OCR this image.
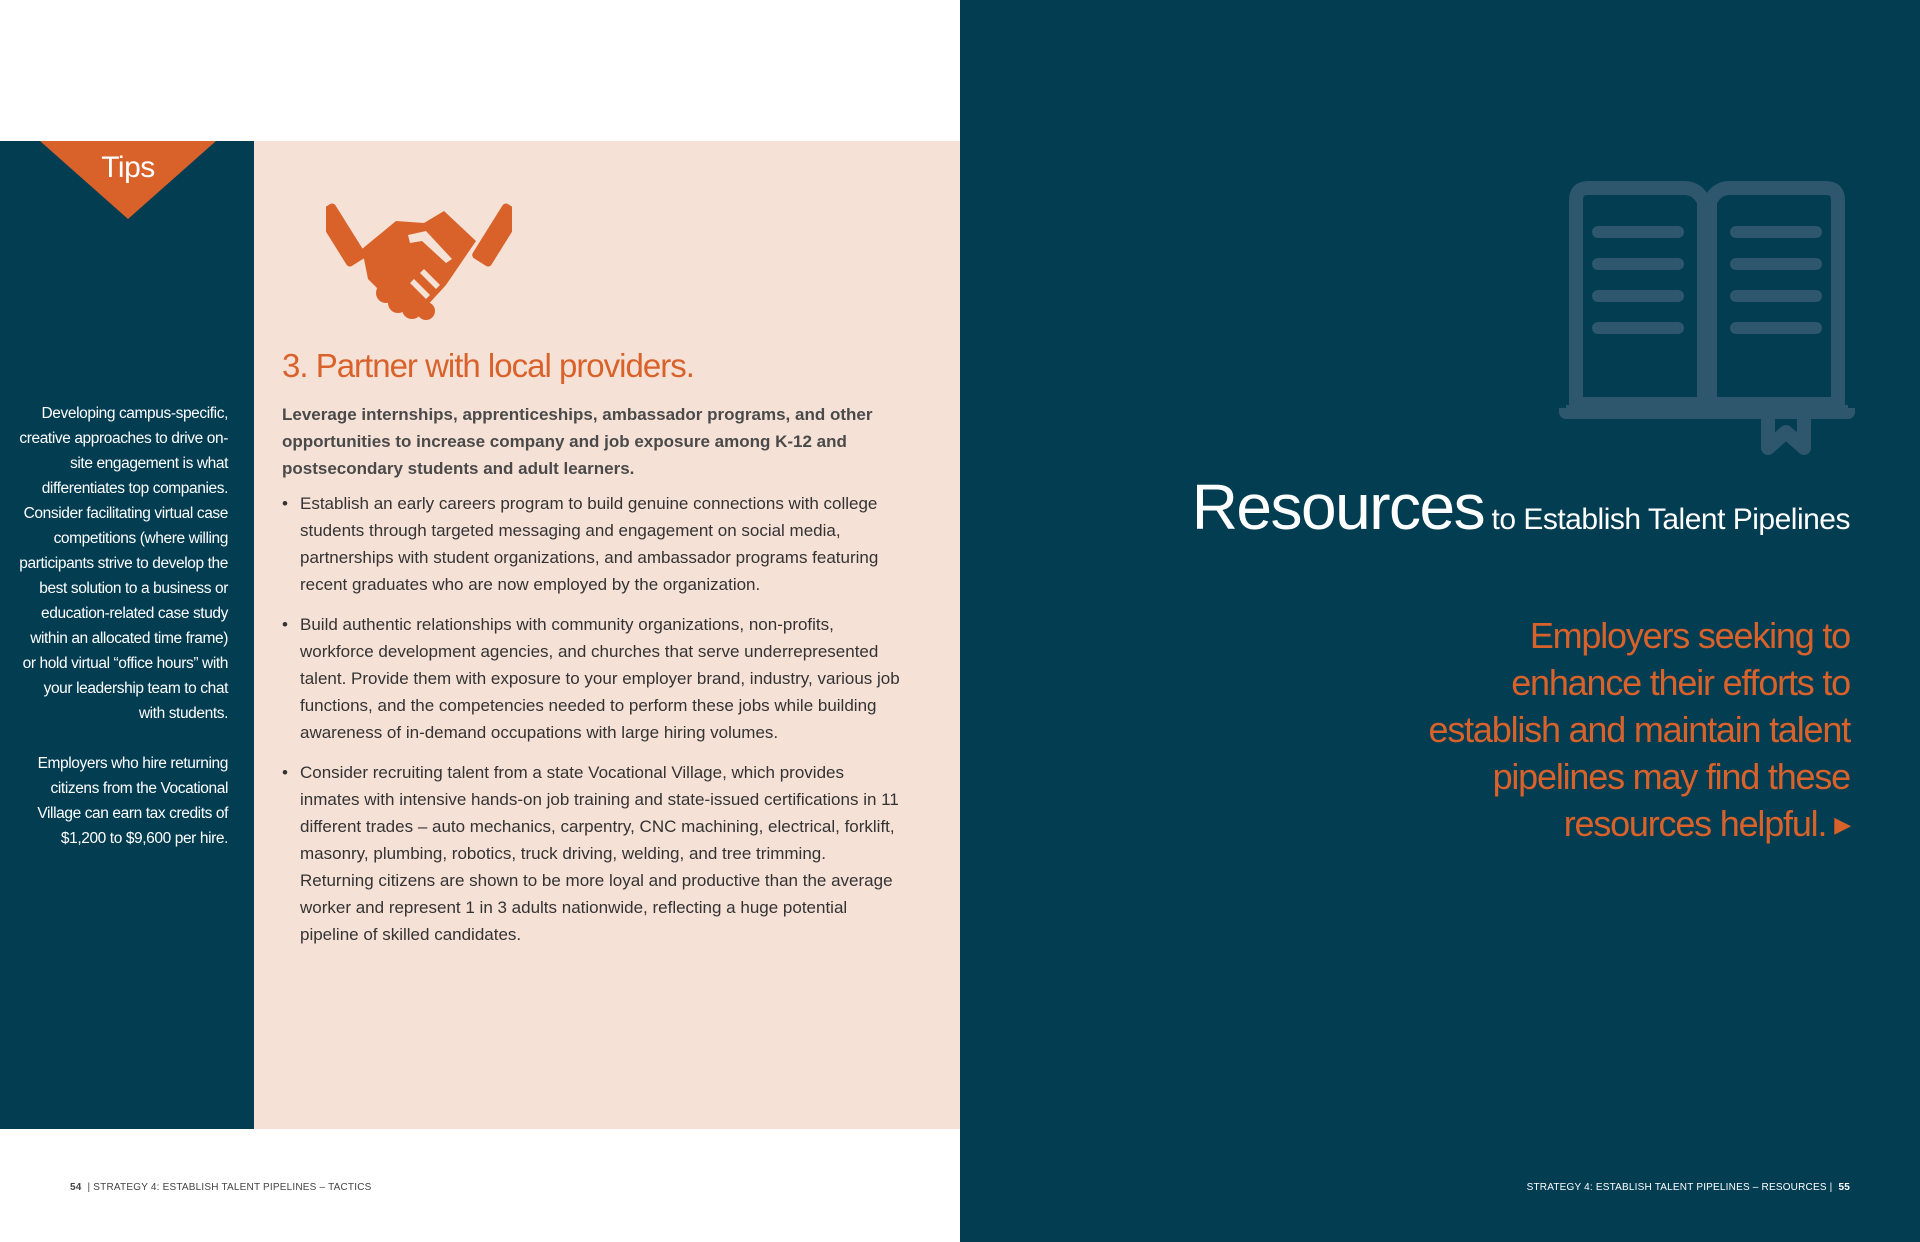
Tips

Developing campus-specific, creative approaches to drive on-site engagement is what differentiates top companies. Consider facilitating virtual case competitions (where willing participants strive to develop the best solution to a business or education-related case study within an allocated time frame) or hold virtual “office hours” with your leadership team to chat with students.

Employers who hire returning citizens from the Vocational Village can earn tax credits of $1,200 to $9,600 per hire.

3. Partner with local providers.

Leverage internships, apprenticeships, ambassador programs, and other opportunities to increase company and job exposure among K-12 and postsecondary students and adult learners.

• Establish an early careers program to build genuine connections with college students through targeted messaging and engagement on social media, partnerships with student organizations, and ambassador programs featuring recent graduates who are now employed by the organization.
• Build authentic relationships with community organizations, non-profits, workforce development agencies, and churches that serve underrepresented talent. Provide them with exposure to your employer brand, industry, various job functions, and the competencies needed to perform these jobs while building awareness of in-demand occupations with large hiring volumes.
• Consider recruiting talent from a state Vocational Village, which provides inmates with intensive hands-on job training and state-issued certifications in 11 different trades – auto mechanics, carpentry, CNC machining, electrical, forklift, masonry, plumbing, robotics, truck driving, welding, and tree trimming. Returning citizens are shown to be more loyal and productive than the average worker and represent 1 in 3 adults nationwide, reflecting a huge potential pipeline of skilled candidates.
54 | STRATEGY 4: ESTABLISH TALENT PIPELINES – TACTICS
Resources to Establish Talent Pipelines

Employers seeking to enhance their efforts to establish and maintain talent pipelines may find these resources helpful. ▶

STRATEGY 4: ESTABLISH TALENT PIPELINES – RESOURCES | 55
